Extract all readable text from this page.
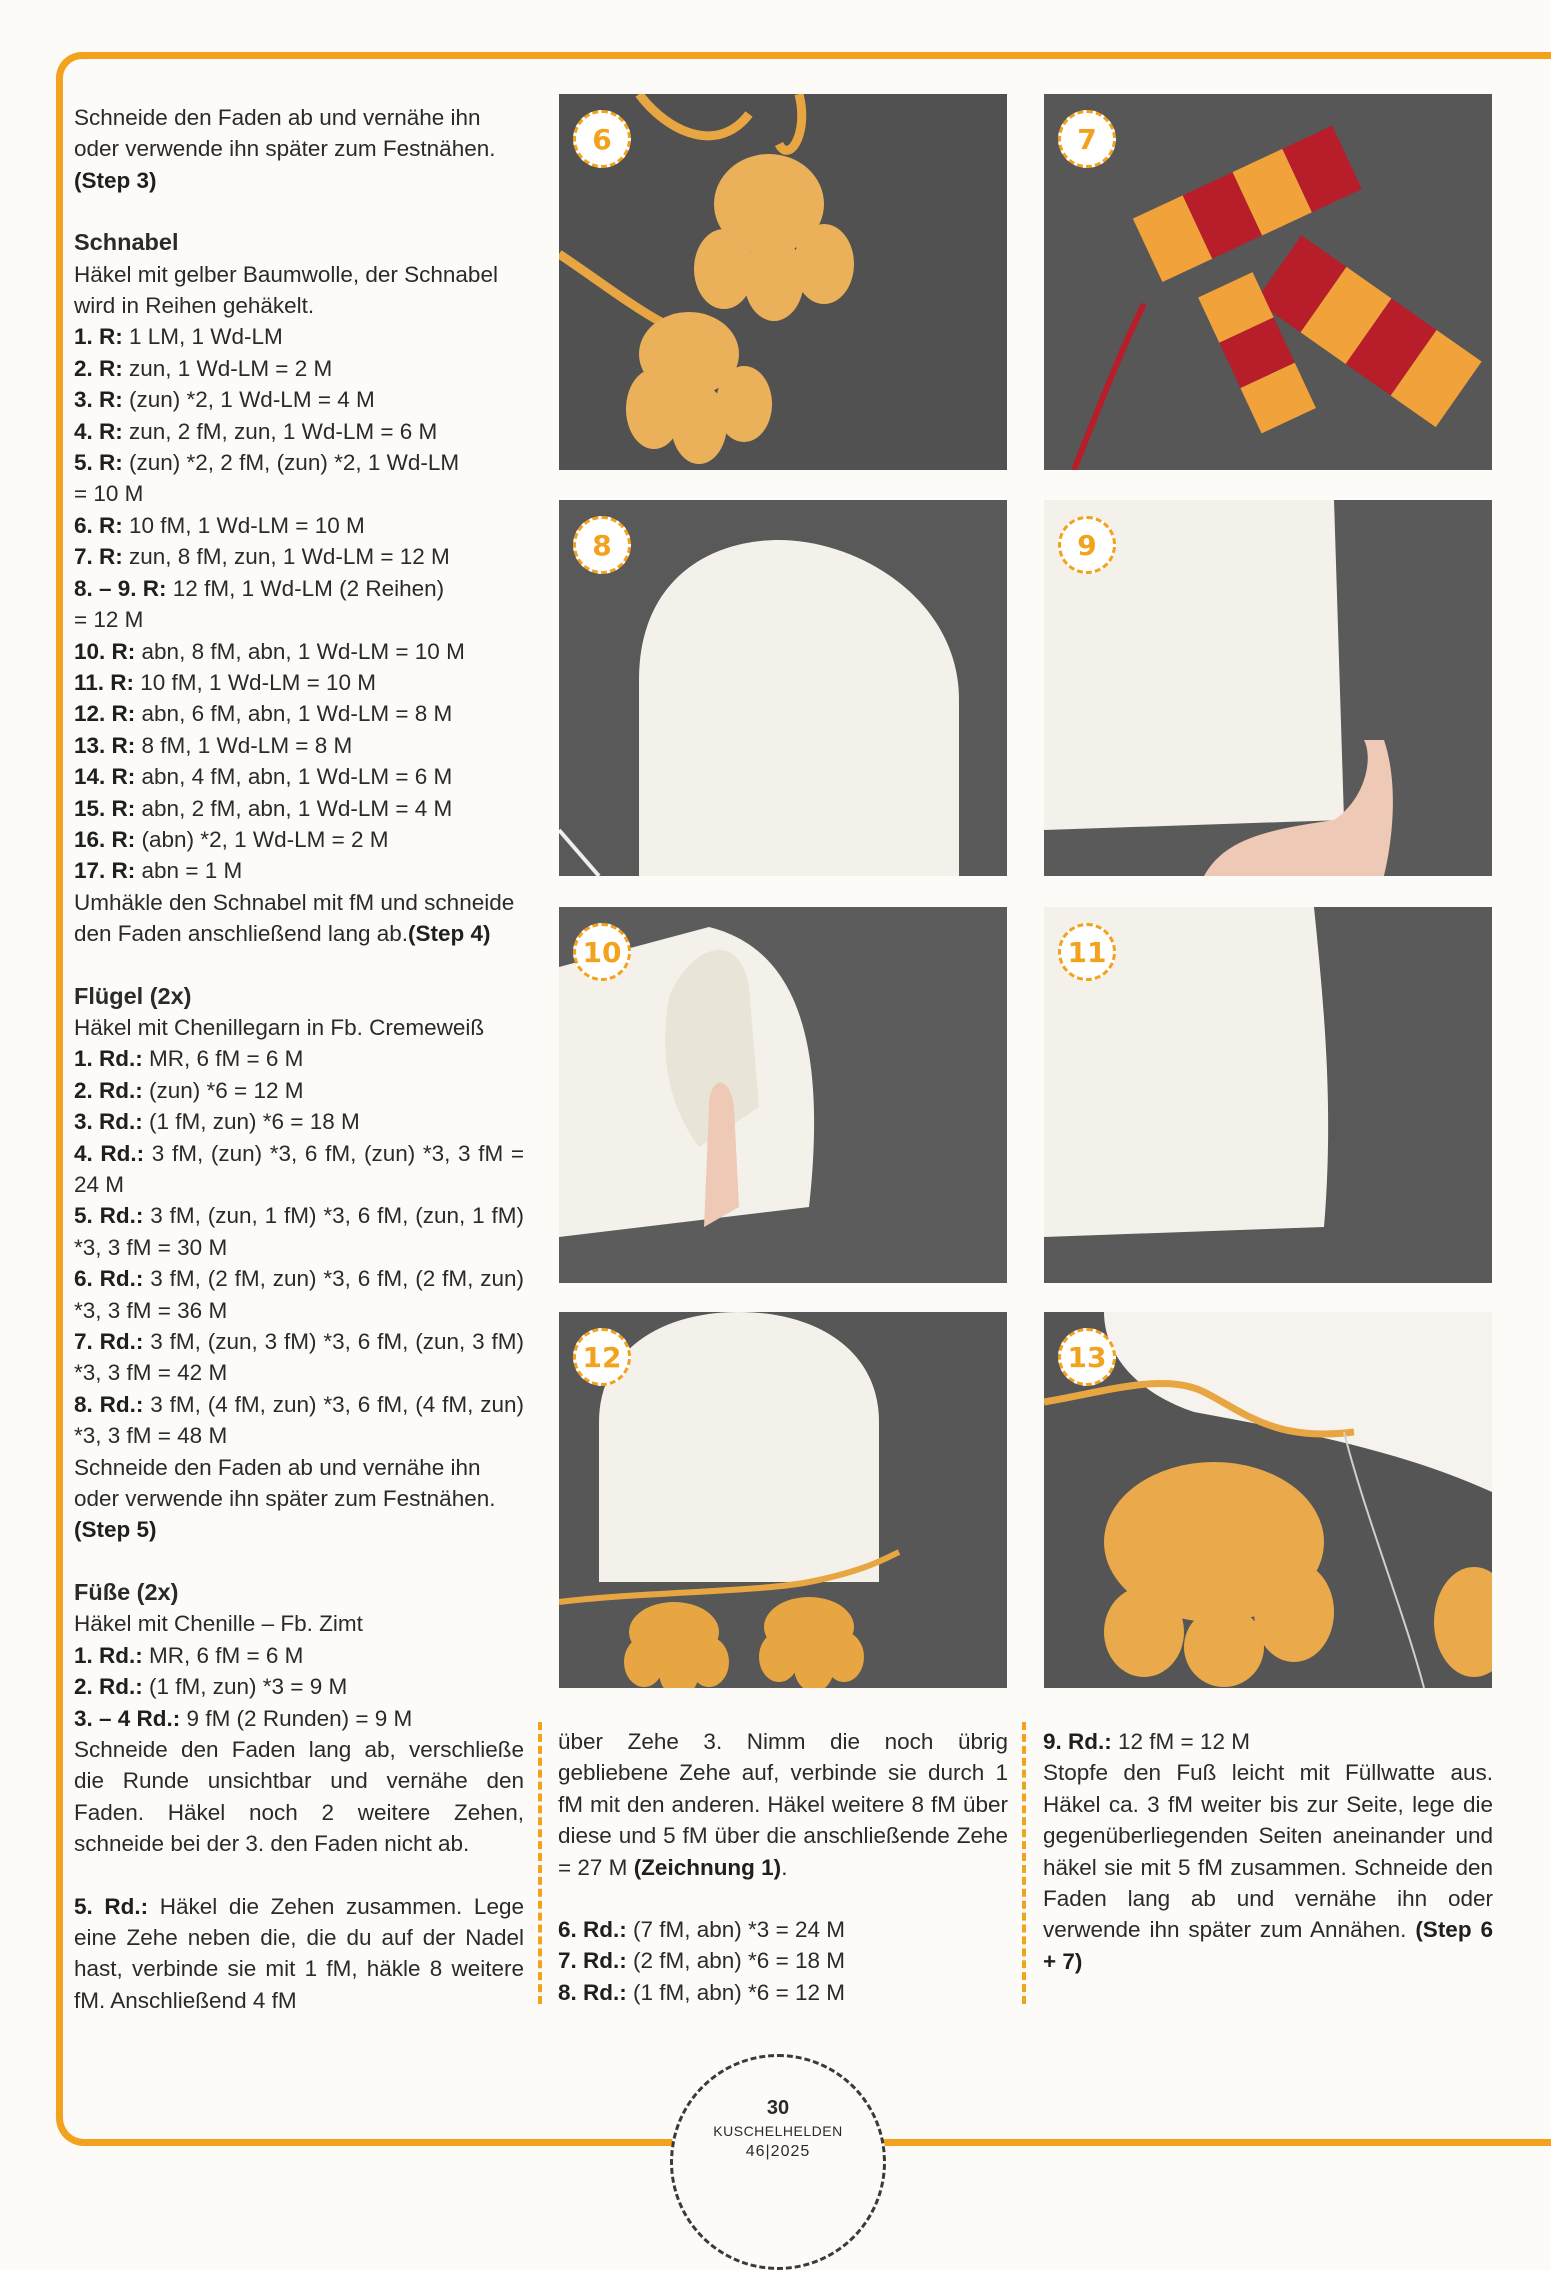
Schneide den Faden ab und vernähe ihn

oder verwende ihn später zum Festnähen.

(Step 3)

Schnabel

Häkel mit gelber Baumwolle, der Schnabel

wird in Reihen gehäkelt.

1. R: 1 LM, 1 Wd-LM

2. R: zun, 1 Wd-LM = 2 M

3. R: (zun) *2, 1 Wd-LM = 4 M

4. R: zun, 2 fM, zun, 1 Wd-LM = 6 M

5. R: (zun) *2, 2 fM, (zun) *2, 1 Wd-LM

= 10 M

6. R: 10 fM, 1 Wd-LM = 10 M

7. R: zun, 8 fM, zun, 1 Wd-LM = 12 M

8. – 9. R: 12 fM, 1 Wd-LM (2 Reihen)

= 12 M

10. R: abn, 8 fM, abn, 1 Wd-LM = 10 M

11. R: 10 fM, 1 Wd-LM = 10 M

12. R: abn, 6 fM, abn, 1 Wd-LM = 8 M

13. R: 8 fM, 1 Wd-LM = 8 M

14. R: abn, 4 fM, abn, 1 Wd-LM = 6 M

15. R: abn, 2 fM, abn, 1 Wd-LM = 4 M

16. R: (abn) *2, 1 Wd-LM = 2 M

17. R: abn = 1 M

Umhäkle den Schnabel mit fM und schneide

den Faden anschließend lang ab.(Step 4)

Flügel (2x)

Häkel mit Chenillegarn in Fb. Cremeweiß

1. Rd.: MR, 6 fM = 6 M

2. Rd.: (zun) *6 = 12 M

3. Rd.: (1 fM, zun) *6 = 18 M

4. Rd.: 3 fM, (zun) *3, 6 fM, (zun) *3, 3 fM = 24 M

5. Rd.: 3 fM, (zun, 1 fM) *3, 6 fM, (zun, 1 fM) *3, 3 fM = 30 M

6. Rd.: 3 fM, (2 fM, zun) *3, 6 fM, (2 fM, zun) *3, 3 fM = 36 M

7. Rd.: 3 fM, (zun, 3 fM) *3, 6 fM, (zun, 3 fM) *3, 3 fM = 42 M

8. Rd.: 3 fM, (4 fM, zun) *3, 6 fM, (4 fM, zun) *3, 3 fM = 48 M

Schneide den Faden ab und vernähe ihn

oder verwende ihn später zum Festnähen.

(Step 5)

Füße (2x)

Häkel mit Chenille – Fb. Zimt

1. Rd.: MR, 6 fM = 6 M

2. Rd.: (1 fM, zun) *3 = 9 M

3. – 4 Rd.: 9 fM (2 Runden) = 9 M

Schneide den Faden lang ab, verschließe die Runde unsichtbar und vernähe den Faden. Häkel noch 2 weitere Zehen, schneide bei der 3. den Faden nicht ab.

5. Rd.: Häkel die Zehen zusammen. Lege eine Zehe neben die, die du auf der Nadel hast, verbinde sie mit 1 fM, häkle 8 weitere fM. Anschließend 4 fM

über Zehe 3. Nimm die noch übrig gebliebene Zehe auf, verbinde sie durch 1 fM mit den anderen. Häkel weitere 8 fM über diese und 5 fM über die anschließende Zehe = 27 M (Zeichnung 1).

6. Rd.: (7 fM, abn) *3 = 24 M

7. Rd.: (2 fM, abn) *6 = 18 M

8. Rd.: (1 fM, abn) *6 = 12 M

9. Rd.: 12 fM = 12 M

Stopfe den Fuß leicht mit Füllwatte aus. Häkel ca. 3 fM weiter bis zur Seite, lege die gegenüberliegenden Seiten aneinander und häkel sie mit 5 fM zusammen. Schneide den Faden lang ab und vernähe ihn oder verwende ihn später zum Annähen. (Step 6 + 7)

6	7
8	9
10	11
12	13
30
KUSCHELHELDEN
46|2025
